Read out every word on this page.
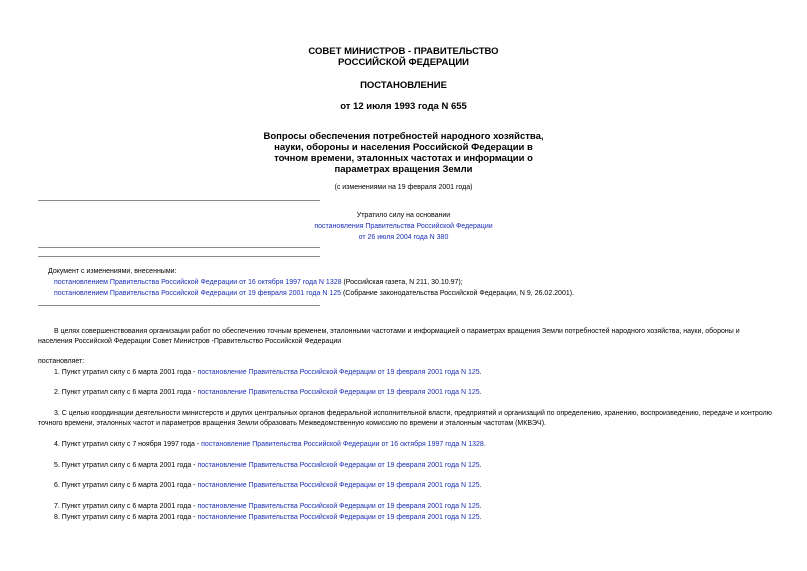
СОВЕТ МИНИСТРОВ - ПРАВИТЕЛЬСТВО
РОССИЙСКОЙ ФЕДЕРАЦИИ
ПОСТАНОВЛЕНИЕ
от 12 июля 1993 года N 655
Вопросы обеспечения потребностей народного хозяйства,
науки, обороны и населения Российской Федерации в
точном времени, эталонных частотах и информации о
параметрах вращения Земли
(с изменениями на 19 февраля 2001 года)
Утратило силу на основании
постановления Правительства Российской Федерации
от 26 июля 2004 года N 380
Документ с изменениями, внесенными:
постановлением Правительства Российской Федерации от 16 октября 1997 года N 1328 (Российская газета, N 211, 30.10.97);
постановлением Правительства Российской Федерации от 19 февраля 2001 года N 125 (Собрание законодательства Российской Федерации, N 9, 26.02.2001).
В целях совершенствования организации работ по обеспечению точным временем, эталонными частотами и информацией о параметрах вращения Земли потребностей народного хозяйства, науки, обороны и населения Российской Федерации Совет Министров -Правительство Российской Федерации
постановляет:
1. Пункт утратил силу с 6 марта 2001 года - постановление Правительства Российской Федерации от 19 февраля 2001 года N 125.
2. Пункт утратил силу с 6 марта 2001 года - постановление Правительства Российской Федерации от 19 февраля 2001 года N 125.
3. С целью координации деятельности министерств и других центральных органов федеральной исполнительной власти, предприятий и организаций по определению, хранению, воспроизведению, передаче и контролю точного времени, эталонных частот и параметров вращения Земли образовать Межведомственную комиссию по времени и эталонным частотам (МКВЭЧ).
4. Пункт утратил силу с 7 ноября 1997 года - постановление Правительства Российской Федерации от 16 октября 1997 года N 1328.
5. Пункт утратил силу с 6 марта 2001 года - постановление Правительства Российской Федерации от 19 февраля 2001 года N 125.
6. Пункт утратил силу с 6 марта 2001 года - постановление Правительства Российской Федерации от 19 февраля 2001 года N 125.
7. Пункт утратил силу с 6 марта 2001 года - постановление Правительства Российской Федерации от 19 февраля 2001 года N 125.
8. Пункт утратил силу с 6 марта 2001 года - постановление Правительства Российской Федерации от 19 февраля 2001 года N 125.
